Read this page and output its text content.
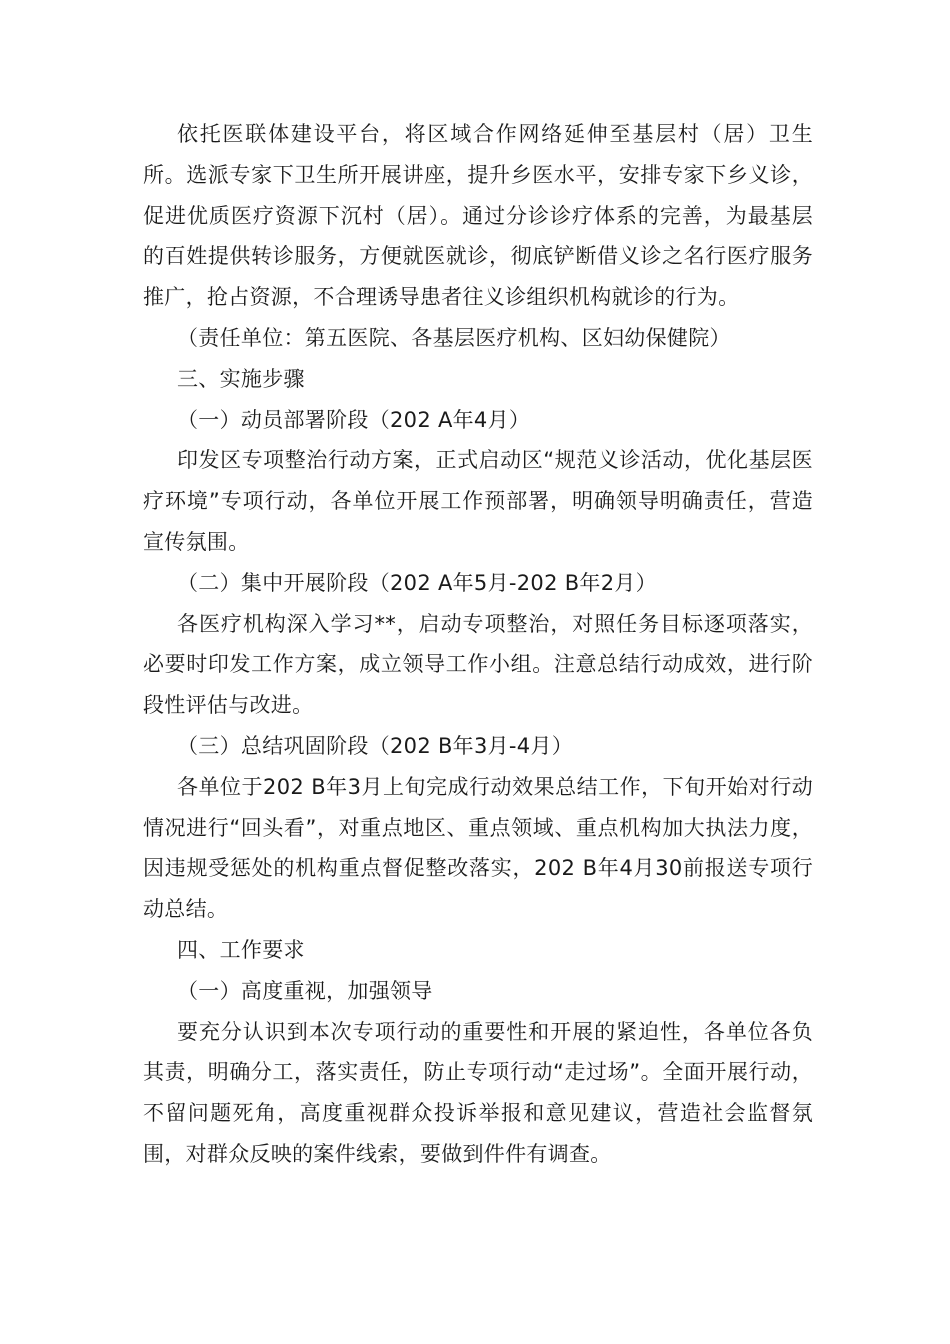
依托医联体建设平台，将区域合作网络延伸至基层村（居）卫生所。选派专家下卫生所开展讲座，提升乡医水平，安排专家下乡义诊，促进优质医疗资源下沉村（居）。通过分诊诊疗体系的完善，为最基层的百姓提供转诊服务，方便就医就诊，彻底铲断借义诊之名行医疗服务推广，抢占资源，不合理诱导患者往义诊组织机构就诊的行为。

（责任单位：第五医院、各基层医疗机构、区妇幼保健院）

三、实施步骤

（一）动员部署阶段（202 A年4月）

印发区专项整治行动方案，正式启动区“规范义诊活动，优化基层医疗环境”专项行动，各单位开展工作预部署，明确领导明确责任，营造宣传氛围。

（二）集中开展阶段（202 A年5月-202 B年2月）

各医疗机构深入学习**，启动专项整治，对照任务目标逐项落实，必要时印发工作方案，成立领导工作小组。注意总结行动成效，进行阶段性评估与改进。

（三）总结巩固阶段（202 B年3月-4月）

各单位于202 B年3月上旬完成行动效果总结工作，下旬开始对行动情况进行“回头看”，对重点地区、重点领域、重点机构加大执法力度，因违规受惩处的机构重点督促整改落实，202 B年4月30前报送专项行动总结。

四、工作要求

（一）高度重视，加强领导

要充分认识到本次专项行动的重要性和开展的紧迫性，各单位各负其责，明确分工，落实责任，防止专项行动“走过场”。全面开展行动，不留问题死角，高度重视群众投诉举报和意见建议，营造社会监督氛围，对群众反映的案件线索，要做到件件有调查。
